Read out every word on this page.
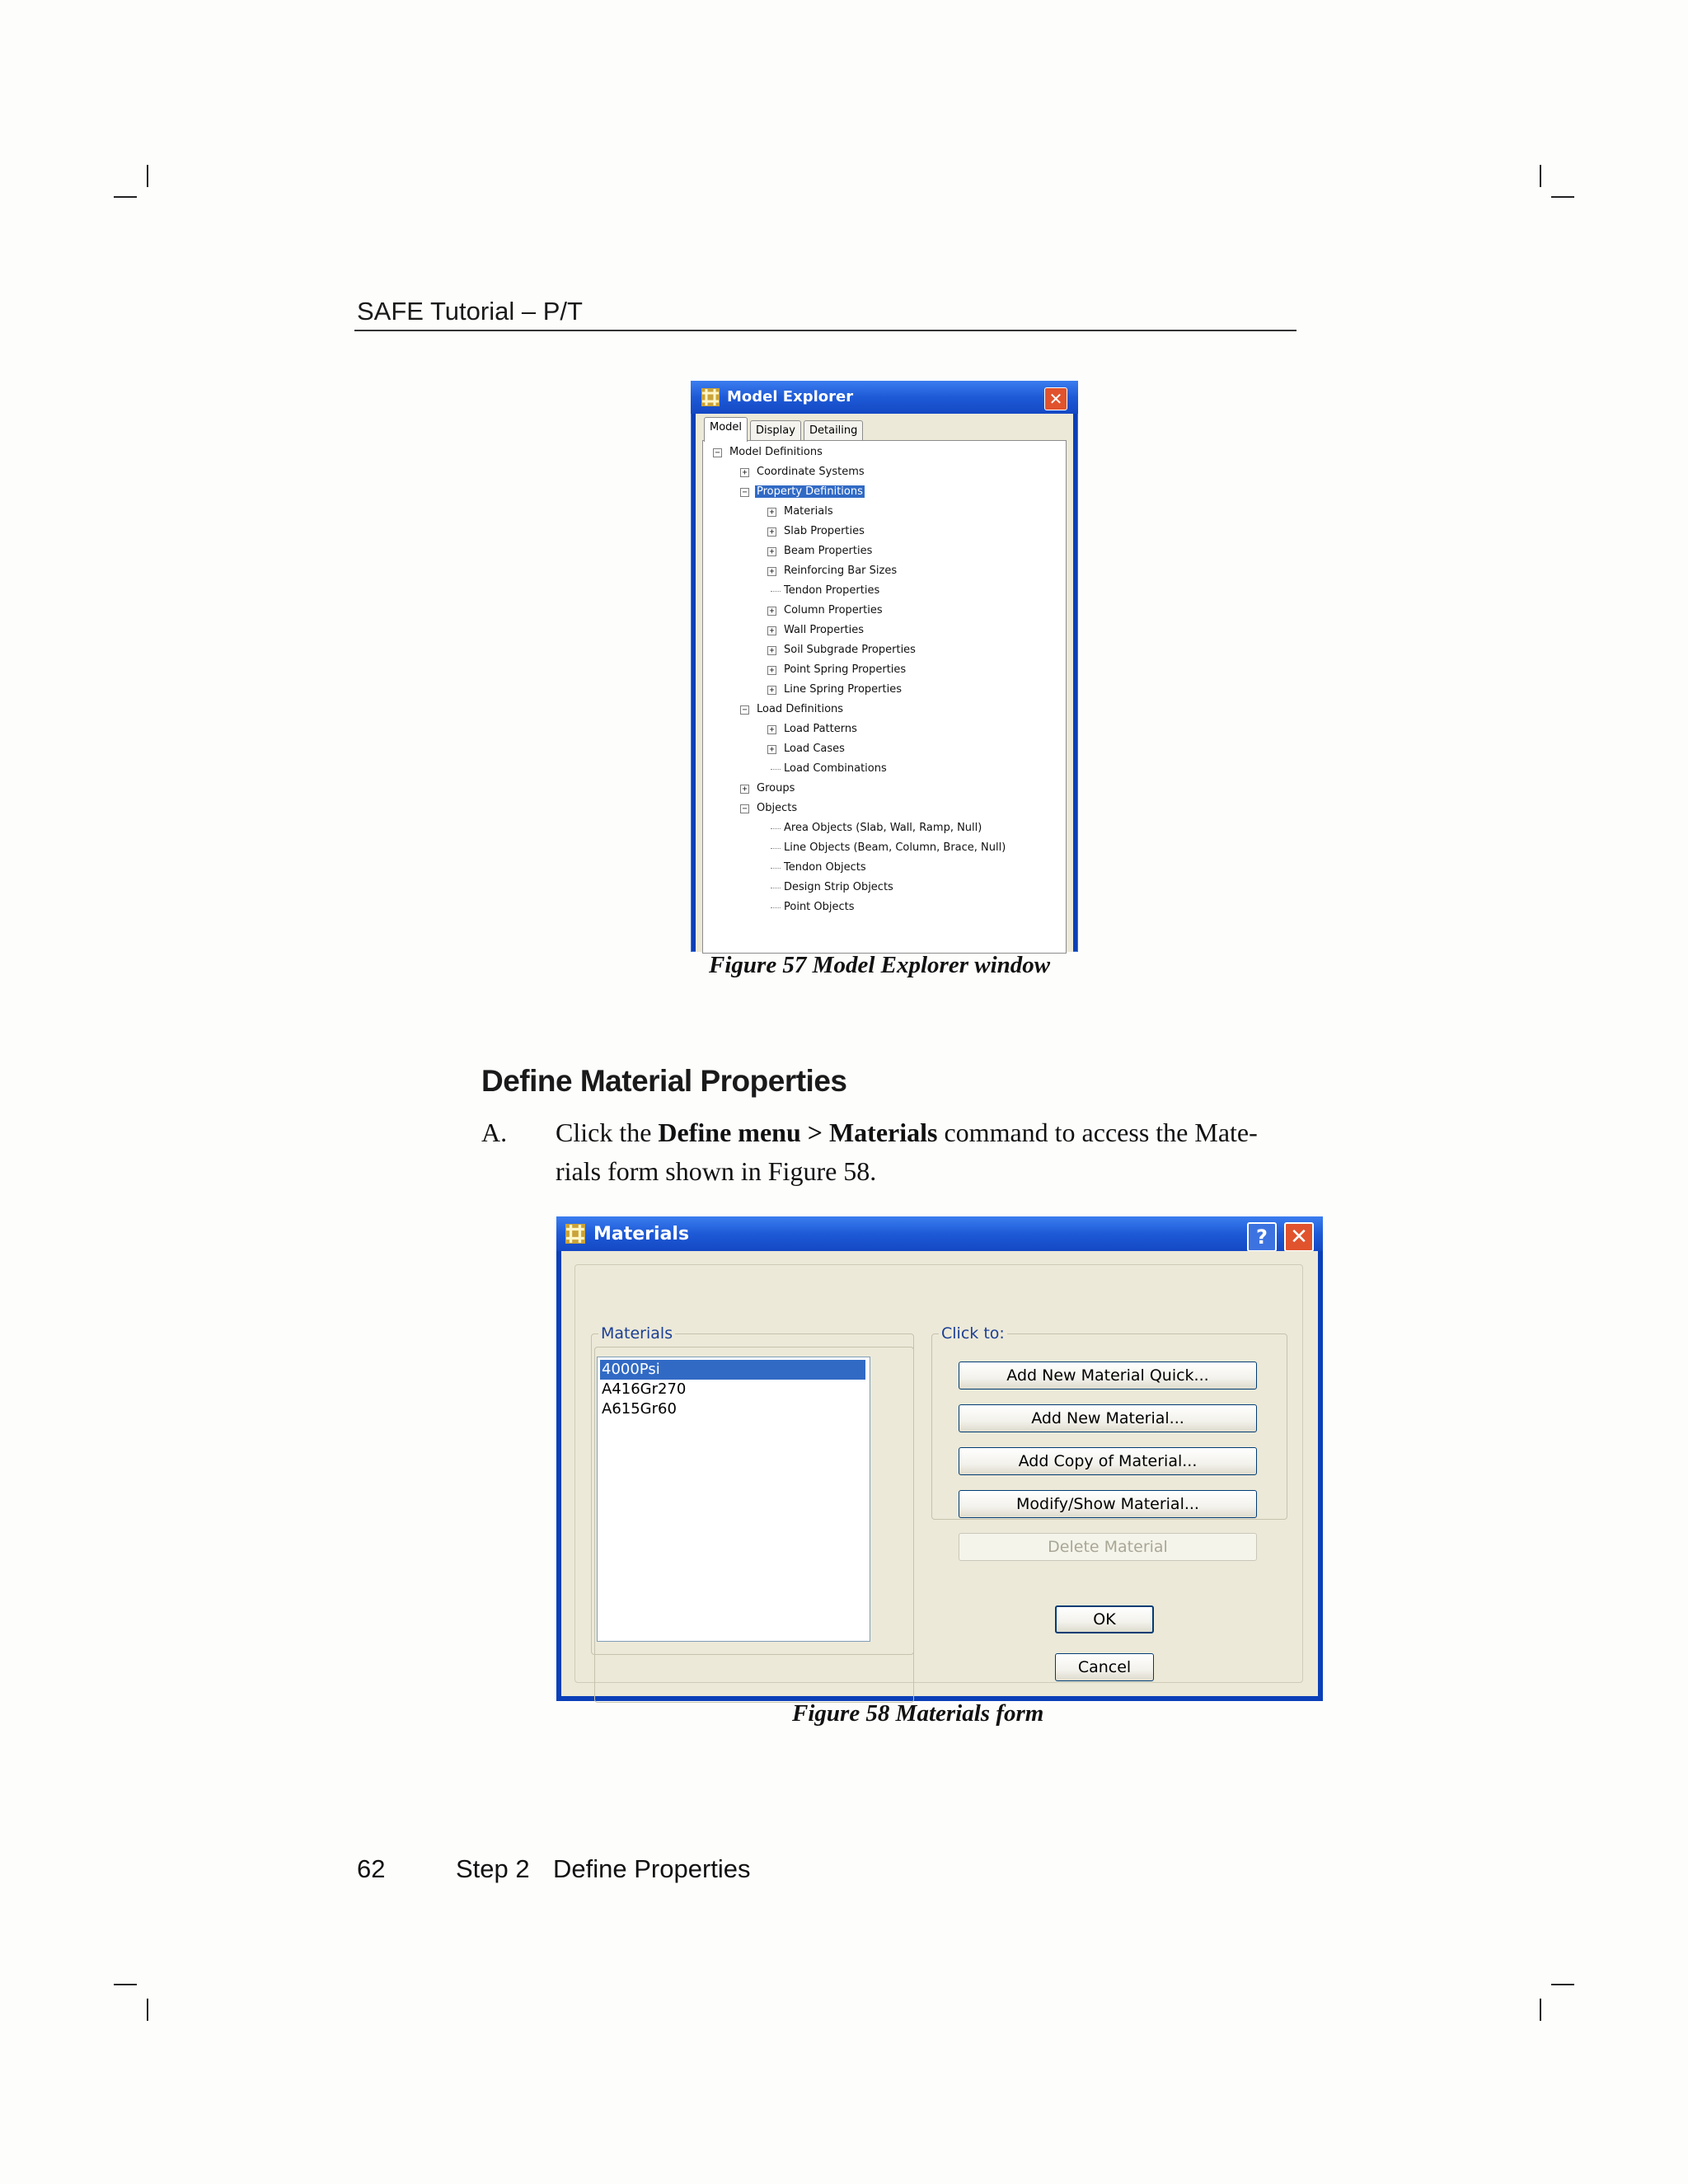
SAFE Tutorial – P/T
Model Explorer	✕
Model	Display	Detailing
− Model Definitions
+ Coordinate Systems
− Property Definitions
+ Materials
+ Slab Properties
+ Beam Properties
+ Reinforcing Bar Sizes
Tendon Properties
+ Column Properties
+ Wall Properties
+ Soil Subgrade Properties
+ Point Spring Properties
+ Line Spring Properties
− Load Definitions
+ Load Patterns
+ Load Cases
Load Combinations
+ Groups
− Objects
Area Objects (Slab, Wall, Ramp, Null)
Line Objects (Beam, Column, Brace, Null)
Tendon Objects
Design Strip Objects
Point Objects
Figure 57 Model Explorer window
Define Material Properties
A. Click the Define menu > Materials command to access the Mate-
rials form shown in Figure 58.
Materials	?	✕
Materials
4000Psi
A416Gr270
A615Gr60
Click to:
Add New Material Quick...
Add New Material...
Add Copy of Material...
Modify/Show Material...
Delete Material
OK
Cancel
Figure 58 Materials form
62	Step 2 Define Properties
